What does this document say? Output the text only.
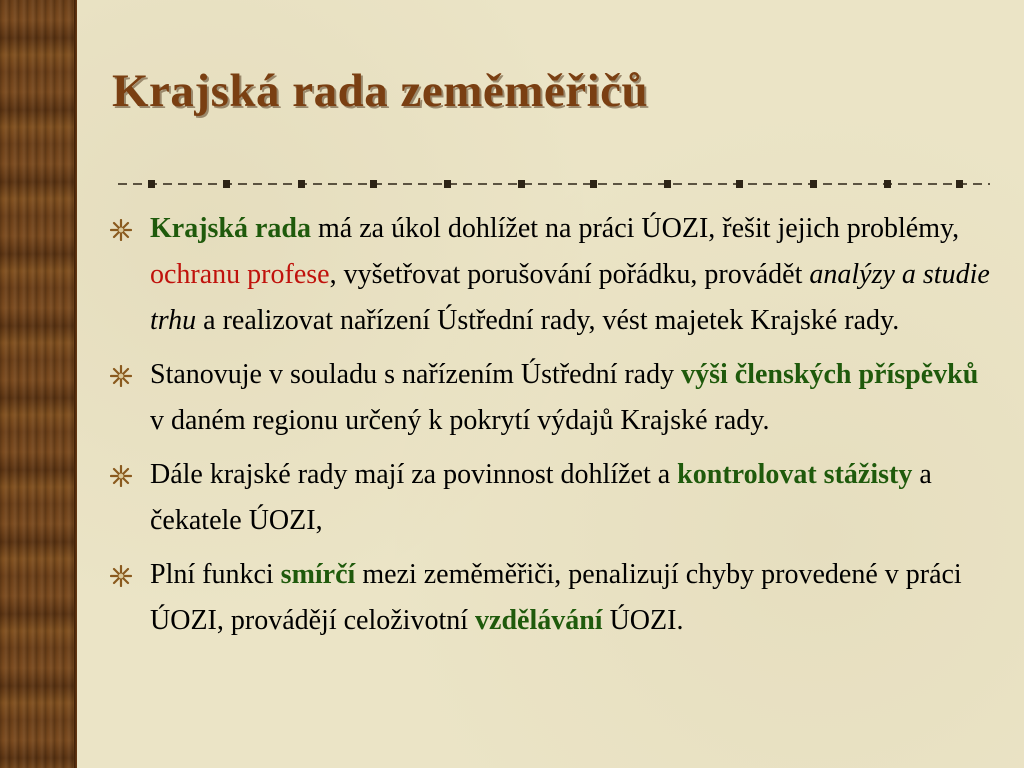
Krajská rada zeměměřičů

Krajská rada má za úkol dohlížet na práci ÚOZI, řešit jejich problémy, ochranu profese, vyšetřovat porušování pořádku, provádět analýzy a studie trhu a realizovat nařízení Ústřední rady, vést majetek Krajské rady.

Stanovuje v souladu s nařízením Ústřední rady výši členských příspěvků v daném regionu určený k pokrytí výdajů Krajské rady.

Dále krajské rady mají za povinnost dohlížet a kontrolovat stážisty a čekatele ÚOZI,

Plní funkci smírčí mezi zeměměřiči, penalizují chyby provedené v práci ÚOZI, provádějí celoživotní vzdělávání ÚOZI.
